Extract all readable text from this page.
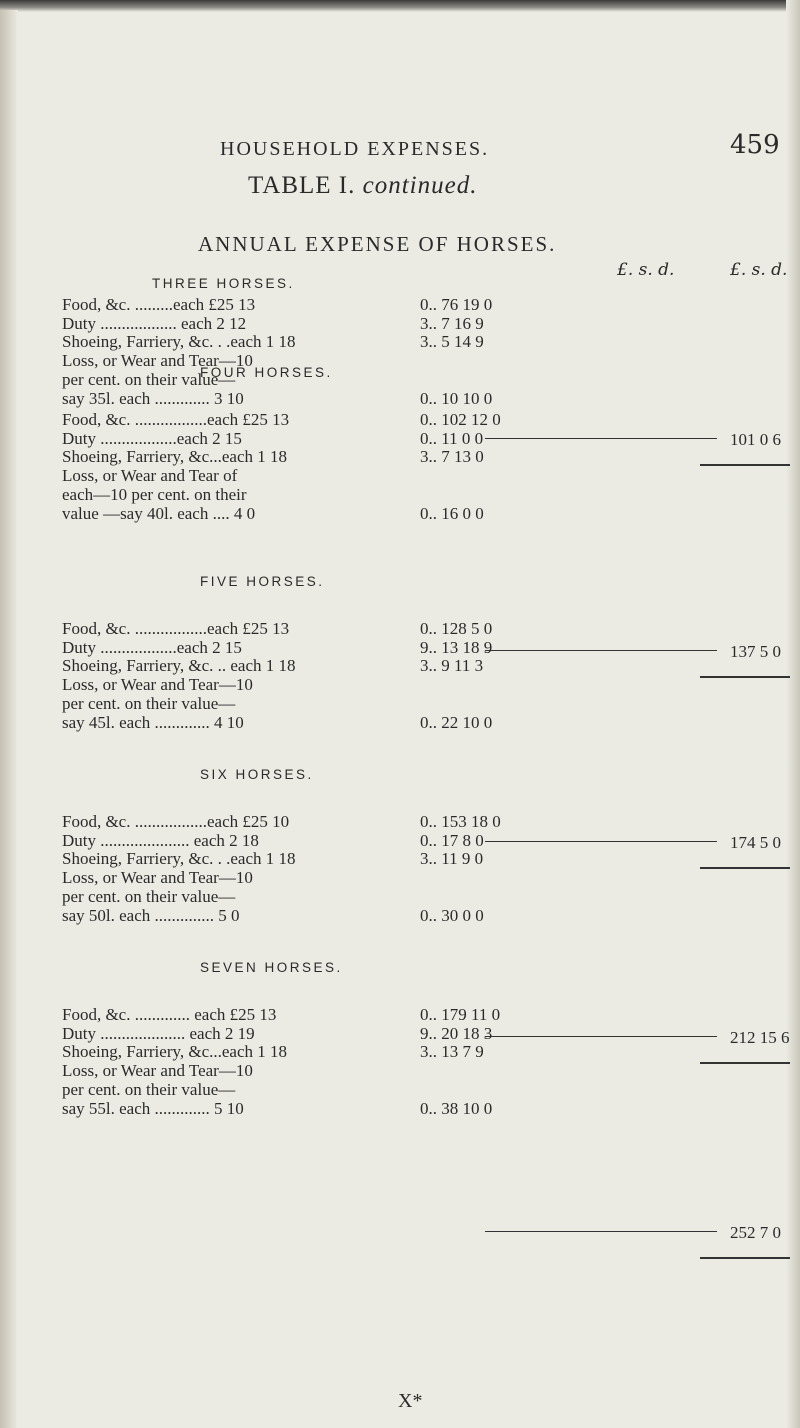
HOUSEHOLD EXPENSES.	459
TABLE I. continued.
ANNUAL EXPENSE OF HORSES.
£. s. d.	£. s. d.
THREE HORSES.
Food, &c. .........each £25 13	0.. 76 19 0
Duty .................. each 2 12	3.. 7 16 9
Shoeing, Farriery, &c. . .each 1 18	3.. 5 14 9
Loss, or Wear and Tear—10
per cent. on their value—
say 35l. each ............. 3 10	0.. 10 10 0
101 0 6
FOUR HORSES.
Food, &c. .................each £25 13	0.. 102 12 0
Duty ..................each 2 15	0.. 11 0 0
Shoeing, Farriery, &c...each 1 18	3.. 7 13 0
Loss, or Wear and Tear of
each—10 per cent. on their
value —say 40l. each .... 4 0	0.. 16 0 0
137 5 0
FIVE HORSES.
Food, &c. .................each £25 13	0.. 128 5 0
Duty ..................each 2 15	9.. 13 18 9
Shoeing, Farriery, &c. .. each 1 18	3.. 9 11 3
Loss, or Wear and Tear—10
per cent. on their value—
say 45l. each ............. 4 10	0.. 22 10 0
174 5 0
SIX HORSES.
Food, &c. .................each £25 10	0.. 153 18 0
Duty ..................... each 2 18	0.. 17 8 0
Shoeing, Farriery, &c. . .each 1 18	3.. 11 9 0
Loss, or Wear and Tear—10
per cent. on their value—
say 50l. each .............. 5 0	0.. 30 0 0
212 15 6
SEVEN HORSES.
Food, &c. ............. each £25 13	0.. 179 11 0
Duty .................... each 2 19	9.. 20 18 3
Shoeing, Farriery, &c...each 1 18	3.. 13 7 9
Loss, or Wear and Tear—10
per cent. on their value—
say 55l. each ............. 5 10	0.. 38 10 0
252 7 0
X*
